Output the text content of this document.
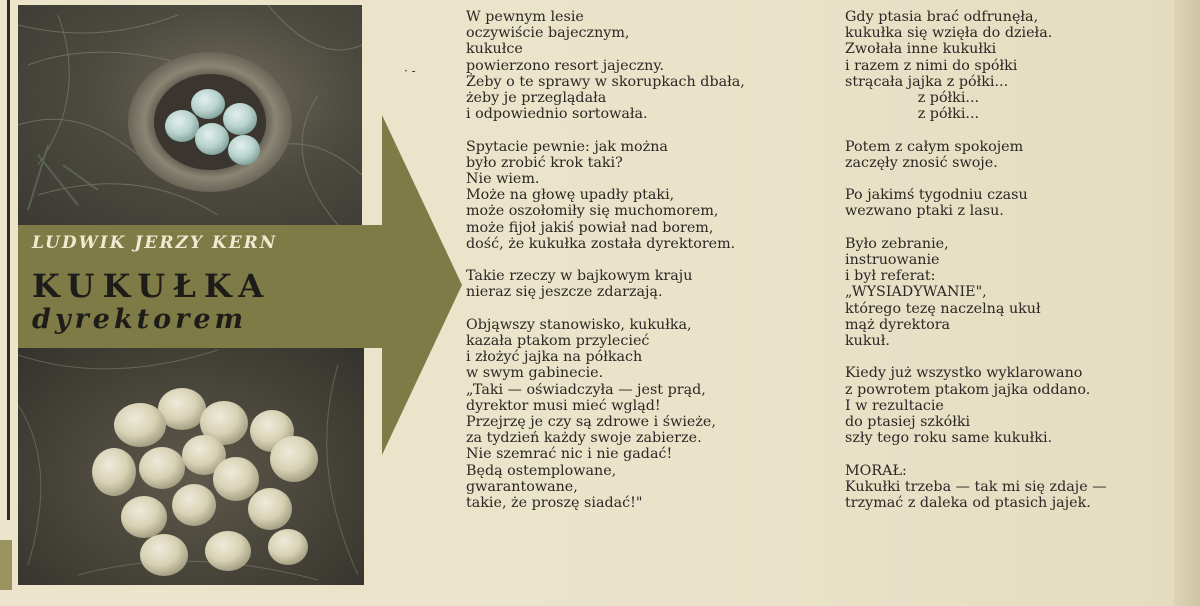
LUDWIK JERZY KERN
KUKUŁKA
dyrektorem
· -
W pewnym lesie
oczywiście bajecznym,
kukułce
powierzono resort jajeczny.
Żeby o te sprawy w skorupkach dbała,
żeby je przeglądała
i odpowiednio sortowała.
Spytacie pewnie: jak można
było zrobić krok taki?
Nie wiem.
Może na głowę upadły ptaki,
może oszołomiły się muchomorem,
może fijoł jakiś powiał nad borem,
dość, że kukułka została dyrektorem.
Takie rzeczy w bajkowym kraju
nieraz się jeszcze zdarzają.
Objąwszy stanowisko, kukułka,
kazała ptakom przylecieć
i złożyć jajka na półkach
w swym gabinecie.
„Taki — oświadczyła — jest prąd,
dyrektor musi mieć wgląd!
Przejrzę je czy są zdrowe i świeże,
za tydzień każdy swoje zabierze.
Nie szemrać nic i nie gadać!
Będą ostemplowane,
gwarantowane,
takie, że proszę siadać!"
Gdy ptasia brać odfrunęła,
kukułka się wzięła do dzieła.
Zwołała inne kukułki
i razem z nimi do spółki
strącała jajka z półki...
z półki...
z półki...
Potem z całym spokojem
zaczęły znosić swoje.
Po jakimś tygodniu czasu
wezwano ptaki z lasu.
Było zebranie,
instruowanie
i był referat:
„WYSIADYWANIE",
którego tezę naczelną ukuł
mąż dyrektora
kukuł.
Kiedy już wszystko wyklarowano
z powrotem ptakom jajka oddano.
I w rezultacie
do ptasiej szkółki
szły tego roku same kukułki.
MORAŁ:
Kukułki trzeba — tak mi się zdaje —
trzymać z daleka od ptasich jajek.
